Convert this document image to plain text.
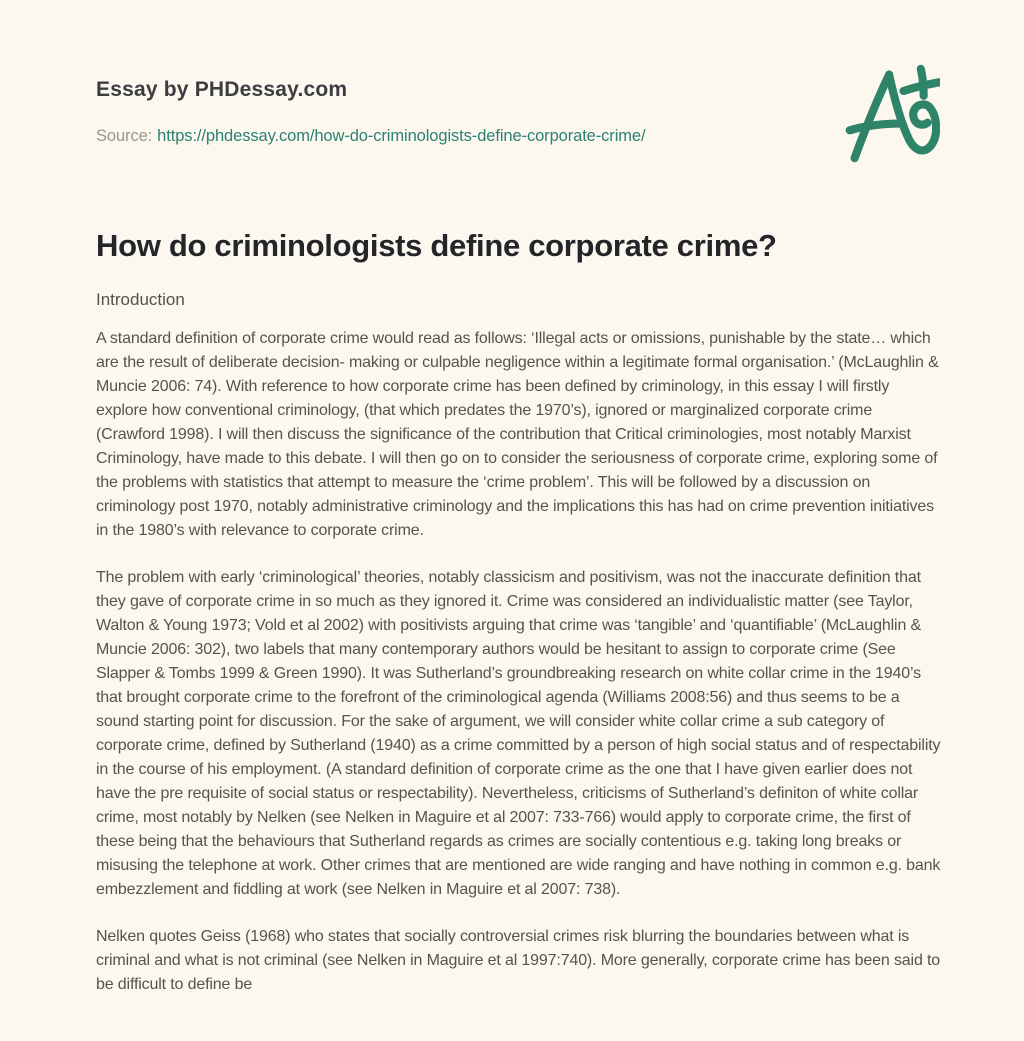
Essay by PHDessay.com
Source: https://phdessay.com/how-do-criminologists-define-corporate-crime/
How do criminologists define corporate crime?
Introduction

A standard definition of corporate crime would read as follows: ‘Illegal acts or omissions, punishable by the state… which are the result of deliberate decision- making or culpable negligence within a legitimate formal organisation.’ (McLaughlin & Muncie 2006: 74). With reference to how corporate crime has been defined by criminology, in this essay I will firstly explore how conventional criminology, (that which predates the 1970’s), ignored or marginalized corporate crime (Crawford 1998). I will then discuss the significance of the contribution that Critical criminologies, most notably Marxist Criminology, have made to this debate. I will then go on to consider the seriousness of corporate crime, exploring some of the problems with statistics that attempt to measure the ‘crime problem’. This will be followed by a discussion on criminology post 1970, notably administrative criminology and the implications this has had on crime prevention initiatives in the 1980’s with relevance to corporate crime.

The problem with early ‘criminological’ theories, notably classicism and positivism, was not the inaccurate definition that they gave of corporate crime in so much as they ignored it. Crime was considered an individualistic matter (see Taylor, Walton & Young 1973; Vold et al 2002) with positivists arguing that crime was ‘tangible’ and ‘quantifiable’ (McLaughlin & Muncie 2006: 302), two labels that many contemporary authors would be hesitant to assign to corporate crime (See Slapper & Tombs 1999 & Green 1990). It was Sutherland’s groundbreaking research on white collar crime in the 1940’s that brought corporate crime to the forefront of the criminological agenda (Williams 2008:56) and thus seems to be a sound starting point for discussion. For the sake of argument, we will consider white collar crime a sub category of corporate crime, defined by Sutherland (1940) as a crime committed by a person of high social status and of respectability in the course of his employment. (A standard definition of corporate crime as the one that I have given earlier does not have the pre requisite of social status or respectability). Nevertheless, criticisms of Sutherland’s definiton of white collar crime, most notably by Nelken (see Nelken in Maguire et al 2007: 733-766) would apply to corporate crime, the first of these being that the behaviours that Sutherland regards as crimes are socially contentious e.g. taking long breaks or misusing the telephone at work. Other crimes that are mentioned are wide ranging and have nothing in common e.g. bank embezzlement and fiddling at work (see Nelken in Maguire et al 2007: 738).

Nelken quotes Geiss (1968) who states that socially controversial crimes risk blurring the boundaries between what is criminal and what is not criminal (see Nelken in Maguire et al 1997:740). More generally, corporate crime has been said to be difficult to define be
